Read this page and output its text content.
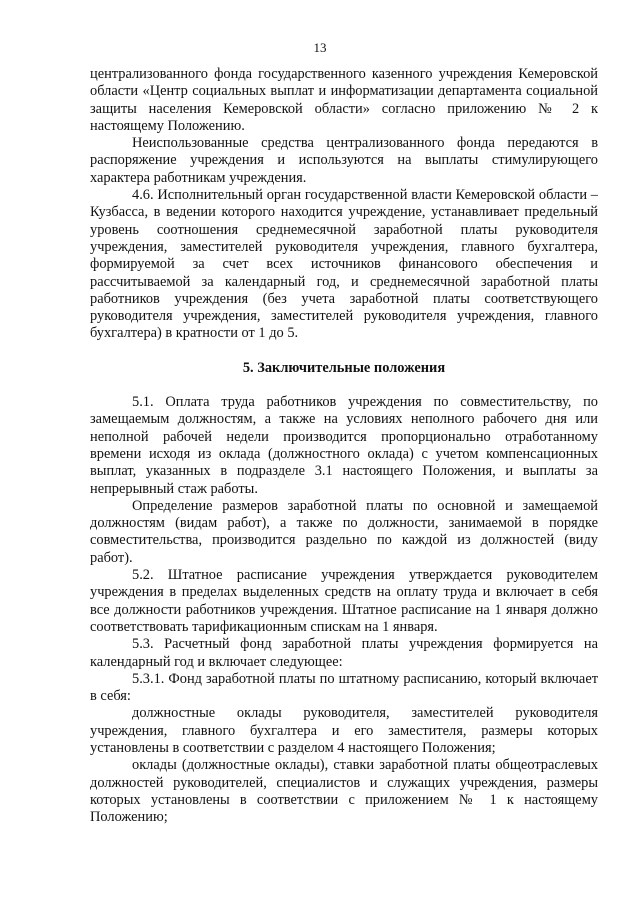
13

централизованного фонда государственного казенного учреждения Кемеровской области «Центр социальных выплат и информатизации департамента социальной защиты населения Кемеровской области» согласно приложению № 2 к настоящему Положению.

Неиспользованные средства централизованного фонда передаются в распоряжение учреждения и используются на выплаты стимулирующего характера работникам учреждения.

4.6. Исполнительный орган государственной власти Кемеровской области – Кузбасса, в ведении которого находится учреждение, устанавливает предельный уровень соотношения среднемесячной заработной платы руководителя учреждения, заместителей руководителя учреждения, главного бухгалтера, формируемой за счет всех источников финансового обеспечения и рассчитываемой за календарный год, и среднемесячной заработной платы работников учреждения (без учета заработной платы соответствующего руководителя учреждения, заместителей руководителя учреждения, главного бухгалтера) в кратности от 1 до 5.

5. Заключительные положения

5.1. Оплата труда работников учреждения по совместительству, по замещаемым должностям, а также на условиях неполного рабочего дня или неполной рабочей недели производится пропорционально отработанному времени исходя из оклада (должностного оклада) с учетом компенсационных выплат, указанных в подразделе 3.1 настоящего Положения, и выплаты за непрерывный стаж работы.

Определение размеров заработной платы по основной и замещаемой должностям (видам работ), а также по должности, занимаемой в порядке совместительства, производится раздельно по каждой из должностей (виду работ).

5.2. Штатное расписание учреждения утверждается руководителем учреждения в пределах выделенных средств на оплату труда и включает в себя все должности работников учреждения. Штатное расписание на 1 января должно соответствовать тарификационным спискам на 1 января.

5.3. Расчетный фонд заработной платы учреждения формируется на календарный год и включает следующее:

5.3.1. Фонд заработной платы по штатному расписанию, который включает в себя:

должностные оклады руководителя, заместителей руководителя учреждения, главного бухгалтера и его заместителя, размеры которых установлены в соответствии с разделом 4 настоящего Положения;

оклады (должностные оклады), ставки заработной платы общеотраслевых должностей руководителей, специалистов и служащих учреждения, размеры которых установлены в соответствии с приложением № 1 к настоящему Положению;
